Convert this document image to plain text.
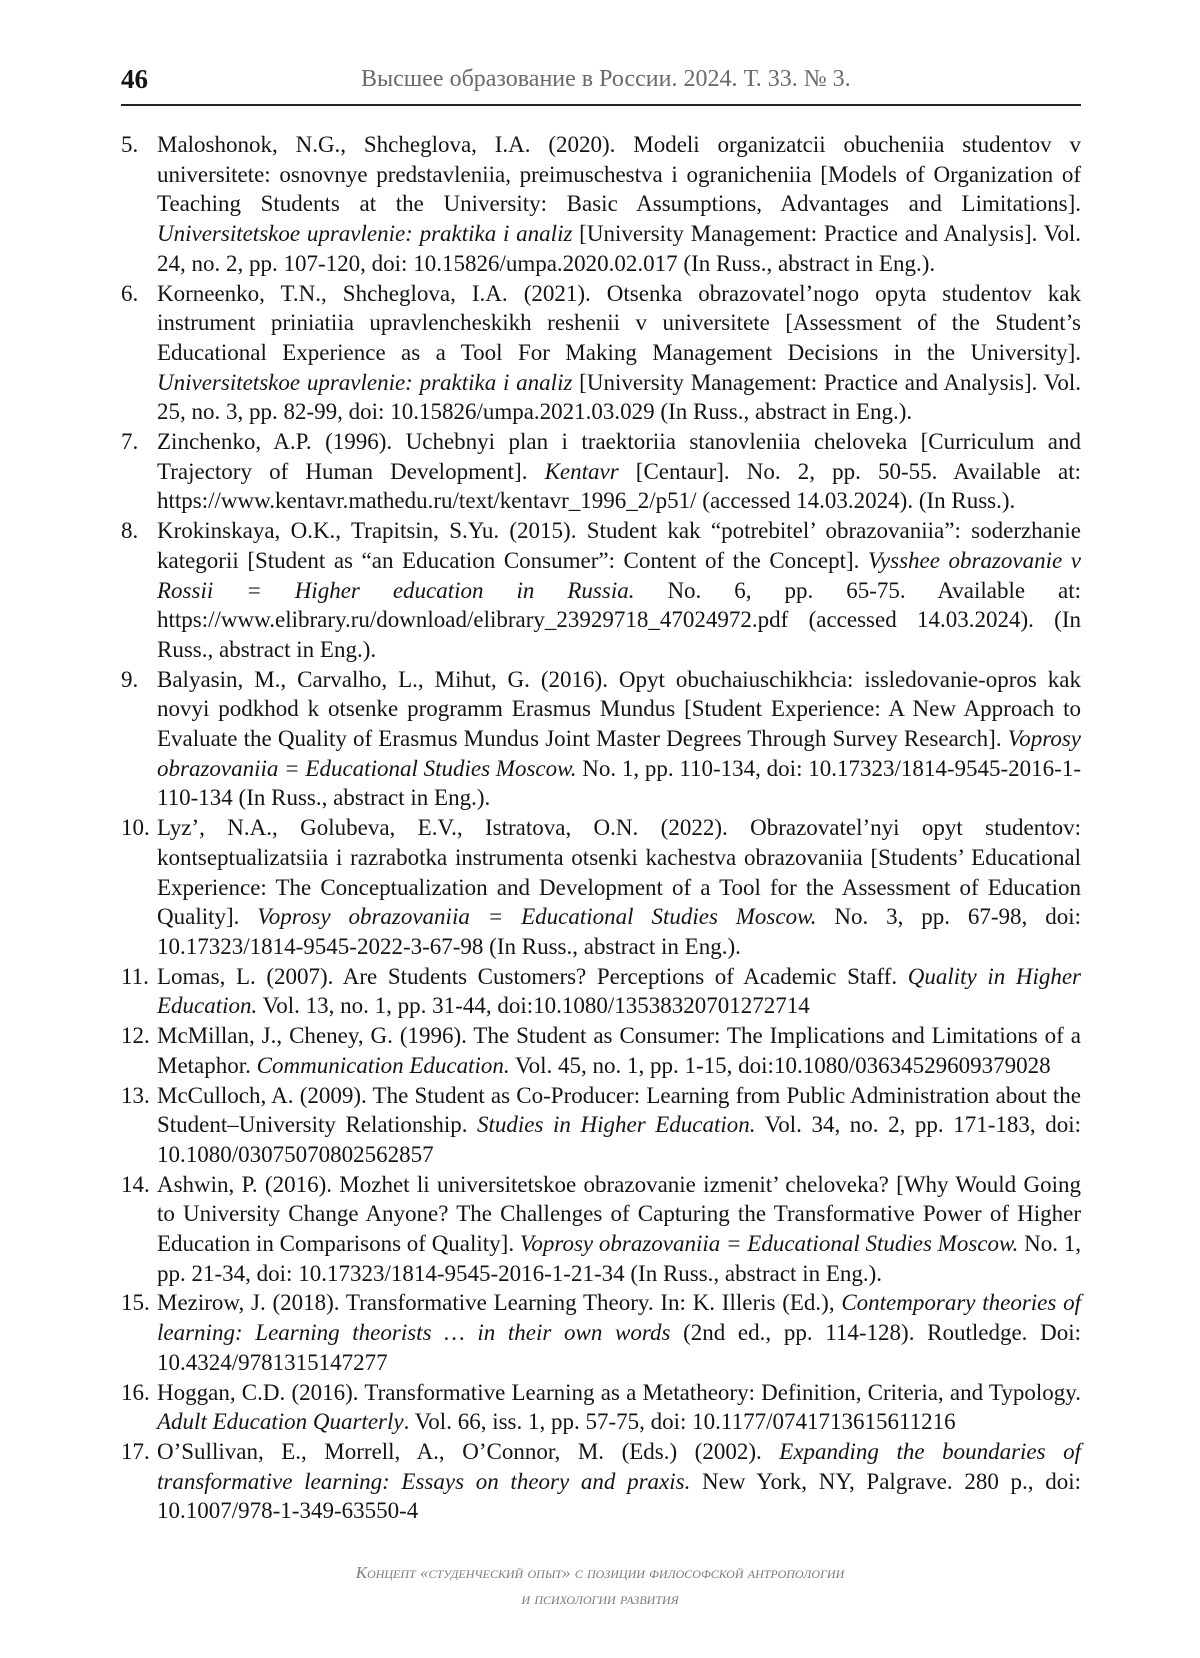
46	Высшее образование в России. 2024. Т. 33. № 3.
5. Maloshonok, N.G., Shcheglova, I.A. (2020). Modeli organizatcii obucheniia studentov v universitete: osnovnye predstavleniia, preimuschestva i ogranicheniia [Models of Organization of Teaching Students at the University: Basic Assumptions, Advantages and Limitations]. Universitetskoe upravlenie: praktika i analiz [University Management: Practice and Analysis]. Vol. 24, no. 2, pp. 107-120, doi: 10.15826/umpa.2020.02.017 (In Russ., abstract in Eng.).
6. Korneenko, T.N., Shcheglova, I.A. (2021). Otsenka obrazovatel’nogo opyta studentov kak instrument priniatiia upravlencheskikh reshenii v universitete [Assessment of the Student’s Educational Experience as a Tool For Making Management Decisions in the University]. Universitetskoe upravlenie: praktika i analiz [University Management: Practice and Analysis]. Vol. 25, no. 3, pp. 82-99, doi: 10.15826/umpa.2021.03.029 (In Russ., abstract in Eng.).
7. Zinchenko, A.P. (1996). Uchebnyi plan i traektoriia stanovleniia cheloveka [Curriculum and Trajectory of Human Development]. Kentavr [Centaur]. No. 2, pp. 50-55. Available at: https://www.kentavr.mathedu.ru/text/kentavr_1996_2/p51/ (accessed 14.03.2024). (In Russ.).
8. Krokinskaya, O.K., Trapitsin, S.Yu. (2015). Student kak “potrebitel’ obrazovaniia”: soderzhanie kategorii [Student as “an Education Consumer”: Content of the Concept]. Vysshee obrazovanie v Rossii = Higher education in Russia. No. 6, pp. 65-75. Available at: https://www.elibrary.ru/download/elibrary_23929718_47024972.pdf (accessed 14.03.2024). (In Russ., abstract in Eng.).
9. Balyasin, M., Carvalho, L., Mihut, G. (2016). Opyt obuchaiuschikhcia: issledovanie-opros kak novyi podkhod k otsenke programm Erasmus Mundus [Student Experience: A New Approach to Evaluate the Quality of Erasmus Mundus Joint Master Degrees Through Survey Research]. Voprosy obrazovaniia = Educational Studies Moscow. No. 1, pp. 110-134, doi: 10.17323/1814-9545-2016-1-110-134 (In Russ., abstract in Eng.).
10. Lyz’, N.A., Golubeva, E.V., Istratova, O.N. (2022). Obrazovatel’nyi opyt studentov: kontseptualizatsiia i razrabotka instrumenta otsenki kachestva obrazovaniia [Students’ Educational Experience: The Conceptualization and Development of a Tool for the Assessment of Education Quality]. Voprosy obrazovaniia = Educational Studies Moscow. No. 3, pp. 67-98, doi: 10.17323/1814-9545-2022-3-67-98 (In Russ., abstract in Eng.).
11. Lomas, L. (2007). Are Students Customers? Perceptions of Academic Staff. Quality in Higher Education. Vol. 13, no. 1, pp. 31-44, doi:10.1080/13538320701272714
12. McMillan, J., Cheney, G. (1996). The Student as Consumer: The Implications and Limitations of a Metaphor. Communication Education. Vol. 45, no. 1, pp. 1-15, doi:10.1080/03634529609379028
13. McCulloch, A. (2009). The Student as Co-Producer: Learning from Public Administration about the Student–University Relationship. Studies in Higher Education. Vol. 34, no. 2, pp. 171-183, doi: 10.1080/03075070802562857
14. Ashwin, P. (2016). Mozhet li universitetskoe obrazovanie izmenit’ cheloveka? [Why Would Going to University Change Anyone? The Challenges of Capturing the Transformative Power of Higher Education in Comparisons of Quality]. Voprosy obrazovaniia = Educational Studies Moscow. No. 1, pp. 21-34, doi: 10.17323/1814-9545-2016-1-21-34 (In Russ., abstract in Eng.).
15. Mezirow, J. (2018). Transformative Learning Theory. In: K. Illeris (Ed.), Contemporary theories of learning: Learning theorists … in their own words (2nd ed., pp. 114-128). Routledge. Doi: 10.4324/9781315147277
16. Hoggan, C.D. (2016). Transformative Learning as a Metatheory: Definition, Criteria, and Typology. Adult Education Quarterly. Vol. 66, iss. 1, pp. 57-75, doi: 10.1177/0741713615611216
17. O’Sullivan, E., Morrell, A., O’Connor, M. (Eds.) (2002). Expanding the boundaries of transformative learning: Essays on theory and praxis. New York, NY, Palgrave. 280 p., doi: 10.1007/978-1-349-63550-4
Концепт «студенческий опыт» с позиции философской антропологии
и психологии развития
